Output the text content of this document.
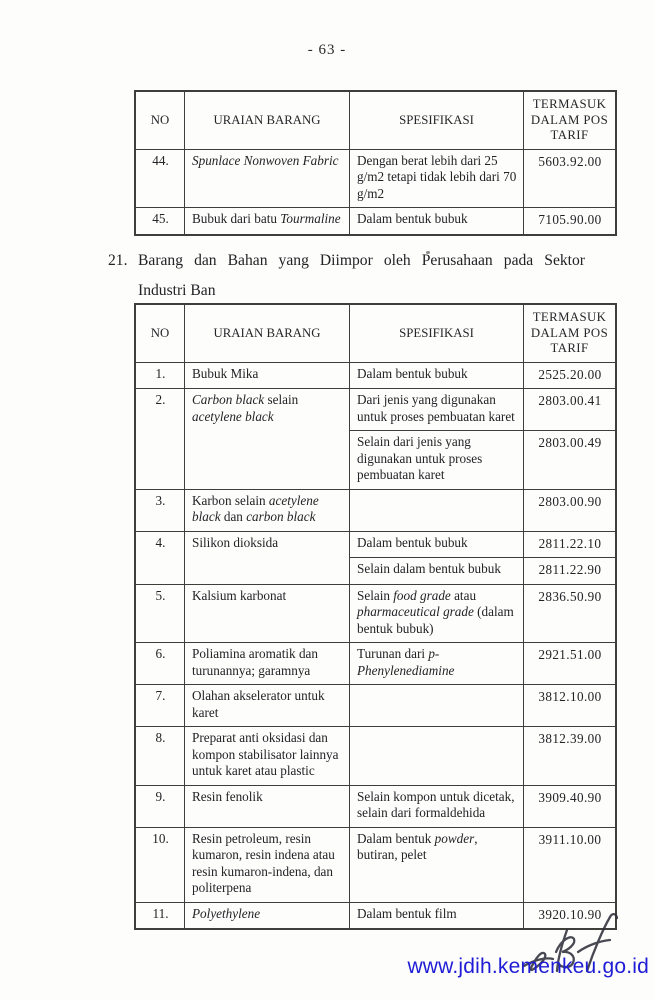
- 63 -
NO	URAIAN BARANG	SPESIFIKASI	TERMASUK DALAM POS TARIF
44.	Spunlace Nonwoven Fabric	Dengan berat lebih dari 25 g/m2 tetapi tidak lebih dari 70 g/m2	5603.92.00
45.	Bubuk dari batu Tourmaline	Dalam bentuk bubuk	7105.90.00
21. Barang dan Bahan yang Diimpor oleh Perusahaan pada Sektor
Industri Ban
NO	URAIAN BARANG	SPESIFIKASI	TERMASUK DALAM POS TARIF
1.	Bubuk Mika	Dalam bentuk bubuk	2525.20.00
2.	Carbon black selain acetylene black	Dari jenis yang digunakan untuk proses pembuatan karet	2803.00.41
		Selain dari jenis yang digunakan untuk proses pembuatan karet	2803.00.49
3.	Karbon selain acetylene black dan carbon black		2803.00.90
4.	Silikon dioksida	Dalam bentuk bubuk	2811.22.10
		Selain dalam bentuk bubuk	2811.22.90
5.	Kalsium karbonat	Selain food grade atau pharmaceutical grade (dalam bentuk bubuk)	2836.50.90
6.	Poliamina aromatik dan turunannya; garamnya	Turunan dari p-Phenylenediamine	2921.51.00
7.	Olahan akselerator untuk karet		3812.10.00
8.	Preparat anti oksidasi dan kompon stabilisator lainnya untuk karet atau plastic		3812.39.00
9.	Resin fenolik	Selain kompon untuk dicetak, selain dari formaldehida	3909.40.90
10.	Resin petroleum, resin kumaron, resin indena atau resin kumaron-indena, dan politerpena	Dalam bentuk powder, butiran, pelet	3911.10.00
11.	Polyethylene	Dalam bentuk film	3920.10.90
www.jdih.kemenkeu.go.id
